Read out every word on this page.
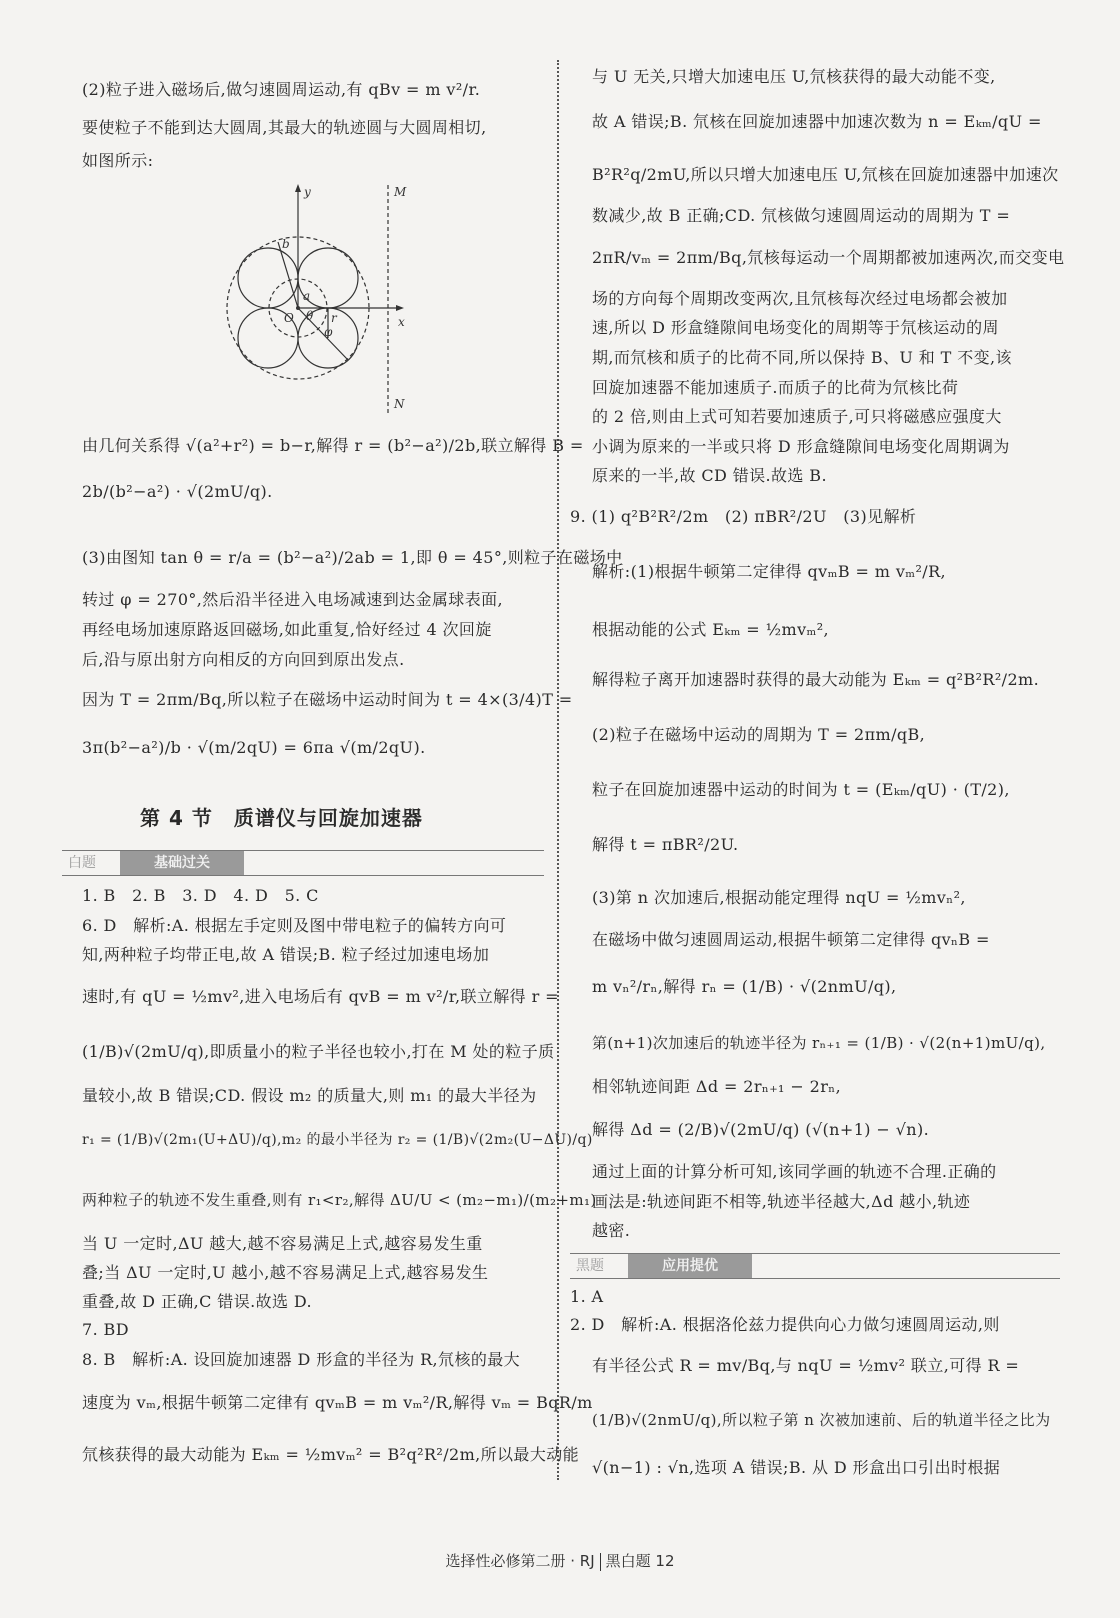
(2)粒子进入磁场后,做匀速圆周运动,有 qBv = m v²/r.
要使粒子不能到达大圆周,其最大的轨迹圆与大圆周相切,
如图所示:
y
x
M
N
O
a
b
θ r
φ
由几何关系得 √(a²+r²) = b−r,解得 r = (b²−a²)/2b,联立解得 B =
2b/(b²−a²) · √(2mU/q).
(3)由图知 tan θ = r/a = (b²−a²)/2ab = 1,即 θ = 45°,则粒子在磁场中
转过 φ = 270°,然后沿半径进入电场减速到达金属球表面,
再经电场加速原路返回磁场,如此重复,恰好经过 4 次回旋
后,沿与原出射方向相反的方向回到原出发点.
因为 T = 2πm/Bq,所以粒子在磁场中运动时间为 t = 4×(3/4)T =
3π(b²−a²)/b · √(m/2qU) = 6πa √(m/2qU).
第 4 节　质谱仪与回旋加速器
白题	基础过关
1. B　2. B　3. D　4. D　5. C
6. D　解析:A. 根据左手定则及图中带电粒子的偏转方向可
知,两种粒子均带正电,故 A 错误;B. 粒子经过加速电场加
速时,有 qU = ½mv²,进入电场后有 qvB = m v²/r,联立解得 r =
(1/B)√(2mU/q),即质量小的粒子半径也较小,打在 M 处的粒子质
量较小,故 B 错误;CD. 假设 m₂ 的质量大,则 m₁ 的最大半径为
r₁ = (1/B)√(2m₁(U+ΔU)/q),m₂ 的最小半径为 r₂ = (1/B)√(2m₂(U−ΔU)/q)
两种粒子的轨迹不发生重叠,则有 r₁<r₂,解得 ΔU/U < (m₂−m₁)/(m₂+m₁)
当 U 一定时,ΔU 越大,越不容易满足上式,越容易发生重
叠;当 ΔU 一定时,U 越小,越不容易满足上式,越容易发生
重叠,故 D 正确,C 错误.故选 D.
7. BD
8. B　解析:A. 设回旋加速器 D 形盒的半径为 R,氘核的最大
速度为 vₘ,根据牛顿第二定律有 qvₘB = m vₘ²/R,解得 vₘ = BqR/m
氘核获得的最大动能为 Eₖₘ = ½mvₘ² = B²q²R²/2m,所以最大动能
与 U 无关,只增大加速电压 U,氘核获得的最大动能不变,
故 A 错误;B. 氘核在回旋加速器中加速次数为 n = Eₖₘ/qU =
B²R²q/2mU,所以只增大加速电压 U,氘核在回旋加速器中加速次
数减少,故 B 正确;CD. 氘核做匀速圆周运动的周期为 T =
2πR/vₘ = 2πm/Bq,氘核每运动一个周期都被加速两次,而交变电
场的方向每个周期改变两次,且氘核每次经过电场都会被加
速,所以 D 形盒缝隙间电场变化的周期等于氘核运动的周
期,而氘核和质子的比荷不同,所以保持 B、U 和 T 不变,该
回旋加速器不能加速质子.而质子的比荷为氘核比荷
的 2 倍,则由上式可知若要加速质子,可只将磁感应强度大
小调为原来的一半或只将 D 形盒缝隙间电场变化周期调为
原来的一半,故 CD 错误.故选 B.
9. (1) q²B²R²/2m　(2) πBR²/2U　(3)见解析
解析:(1)根据牛顿第二定律得 qvₘB = m vₘ²/R,
根据动能的公式 Eₖₘ = ½mvₘ²,
解得粒子离开加速器时获得的最大动能为 Eₖₘ = q²B²R²/2m.
(2)粒子在磁场中运动的周期为 T = 2πm/qB,
粒子在回旋加速器中运动的时间为 t = (Eₖₘ/qU) · (T/2),
解得 t = πBR²/2U.
(3)第 n 次加速后,根据动能定理得 nqU = ½mvₙ²,
在磁场中做匀速圆周运动,根据牛顿第二定律得 qvₙB =
m vₙ²/rₙ,解得 rₙ = (1/B) · √(2nmU/q),
第(n+1)次加速后的轨迹半径为 rₙ₊₁ = (1/B) · √(2(n+1)mU/q),
相邻轨迹间距 Δd = 2rₙ₊₁ − 2rₙ,
解得 Δd = (2/B)√(2mU/q) (√(n+1) − √n).
通过上面的计算分析可知,该同学画的轨迹不合理.正确的
画法是:轨迹间距不相等,轨迹半径越大,Δd 越小,轨迹
越密.
黑题	应用提优
1. A
2. D　解析:A. 根据洛伦兹力提供向心力做匀速圆周运动,则
有半径公式 R = mv/Bq,与 nqU = ½mv² 联立,可得 R =
(1/B)√(2nmU/q),所以粒子第 n 次被加速前、后的轨道半径之比为
√(n−1) : √n,选项 A 错误;B. 从 D 形盒出口引出时根据
选择性必修第二册 · RJ 黑白题 12
